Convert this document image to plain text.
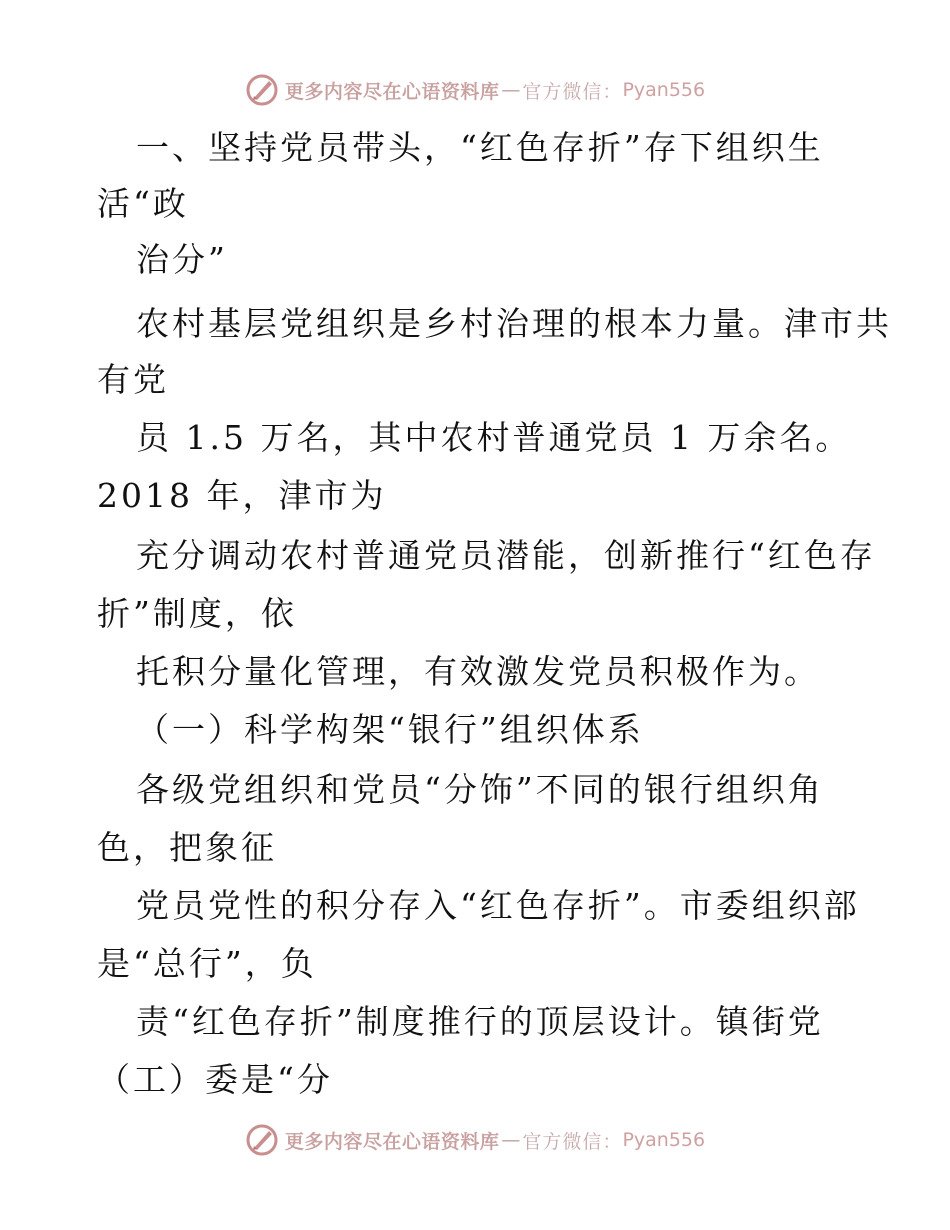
更多内容尽在心语资料库 — 官方微信： Pyan556
一、坚持党员带头，“红色存折”存下组织生
活“政
治分”
农村基层党组织是乡村治理的根本力量。津市共
有党
员 1.5 万名，其中农村普通党员 1 万余名。
2018 年，津市为
充分调动农村普通党员潜能，创新推行“红色存
折”制度，依
托积分量化管理，有效激发党员积极作为。
（一）科学构架“银行”组织体系
各级党组织和党员“分饰”不同的银行组织角
色，把象征
党员党性的积分存入“红色存折”。市委组织部
是“总行”，负
责“红色存折”制度推行的顶层设计。镇街党
（工）委是“分
更多内容尽在心语资料库 — 官方微信： Pyan556
